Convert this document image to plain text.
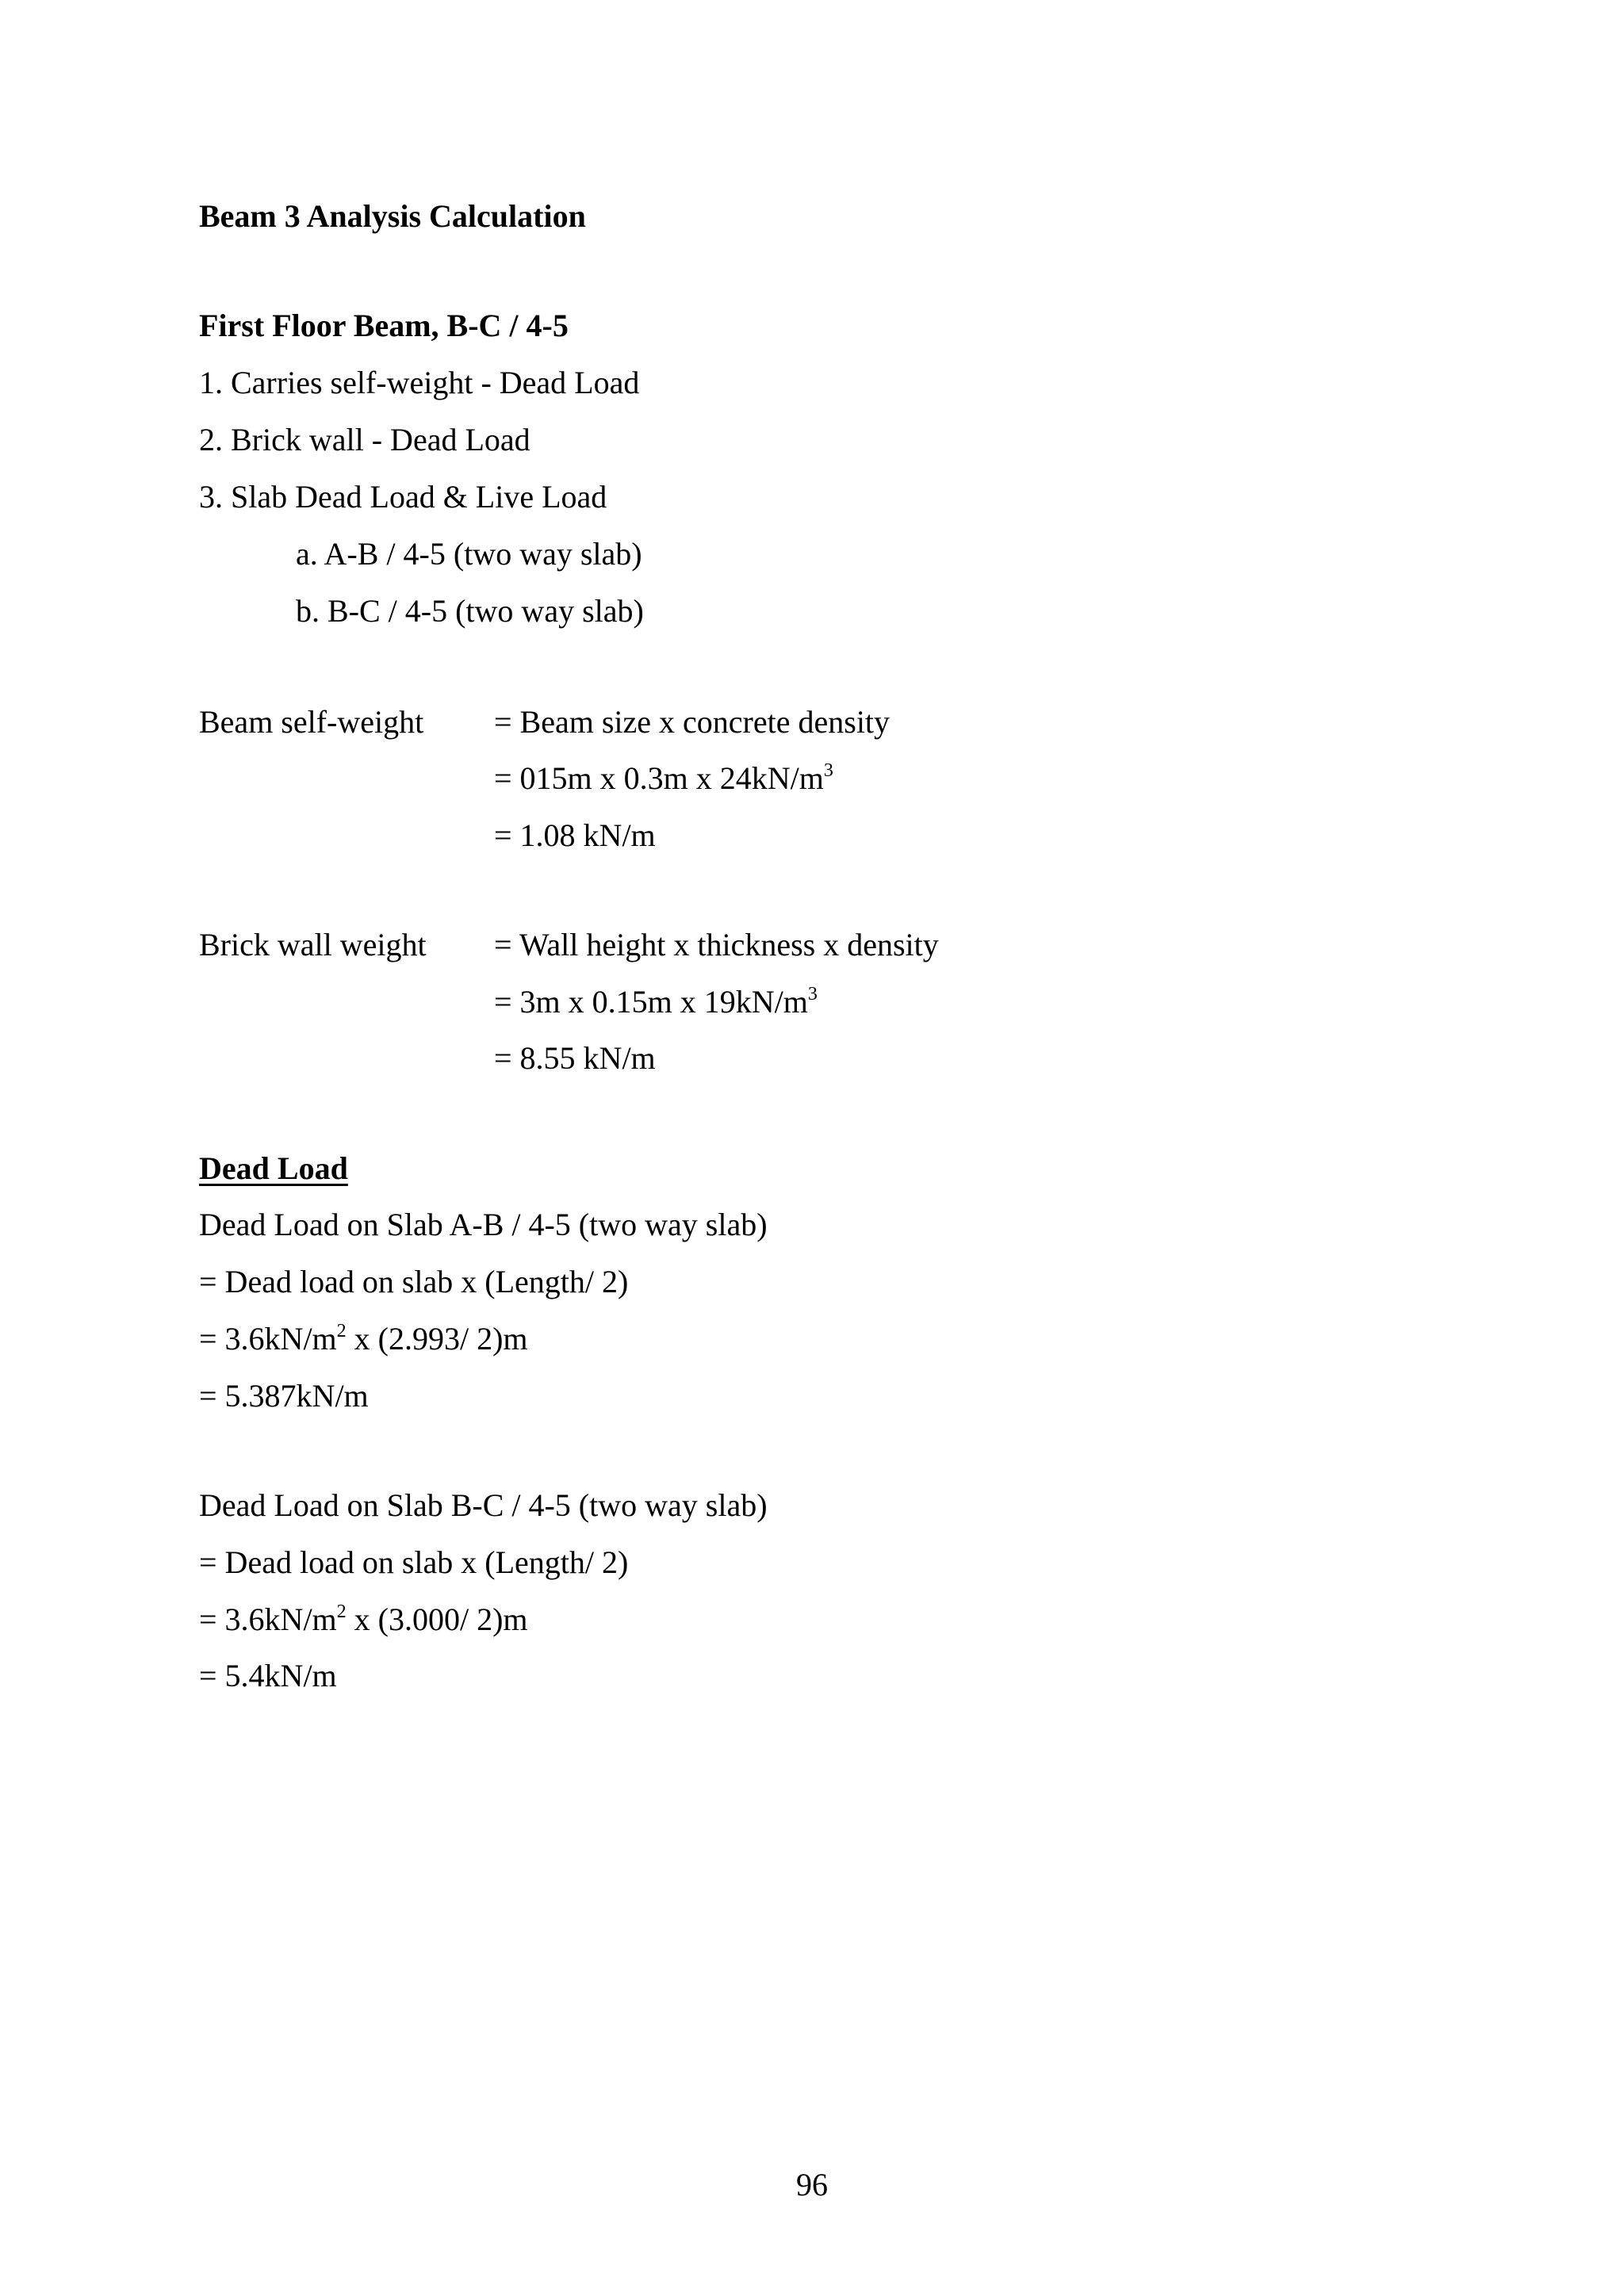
Beam 3 Analysis Calculation
First Floor Beam, B-C / 4-5
1. Carries self-weight - Dead Load
2. Brick wall - Dead Load
3. Slab Dead Load & Live Load
a. A-B / 4-5 (two way slab)
b. B-C / 4-5 (two way slab)
Beam self-weight = Beam size x concrete density
= 015m x 0.3m x $24kN/m^3$
= 1.08 kN/m
Brick wall weight = Wall height x thickness x density
= 3m x 0.15m x $19kN/m^3$
= 8.55 kN/m
Dead Load
Dead Load on Slab A-B / 4-5 (two way slab)
= Dead load on slab x (Length/ 2)
= $3.6kN/m^2$ x (2.993/ 2)m
= 5.387kN/m
Dead Load on Slab B-C / 4-5 (two way slab)
= Dead load on slab x (Length/ 2)
= $3.6kN/m^2$ x (3.000/ 2)m
= 5.4kN/m
96
